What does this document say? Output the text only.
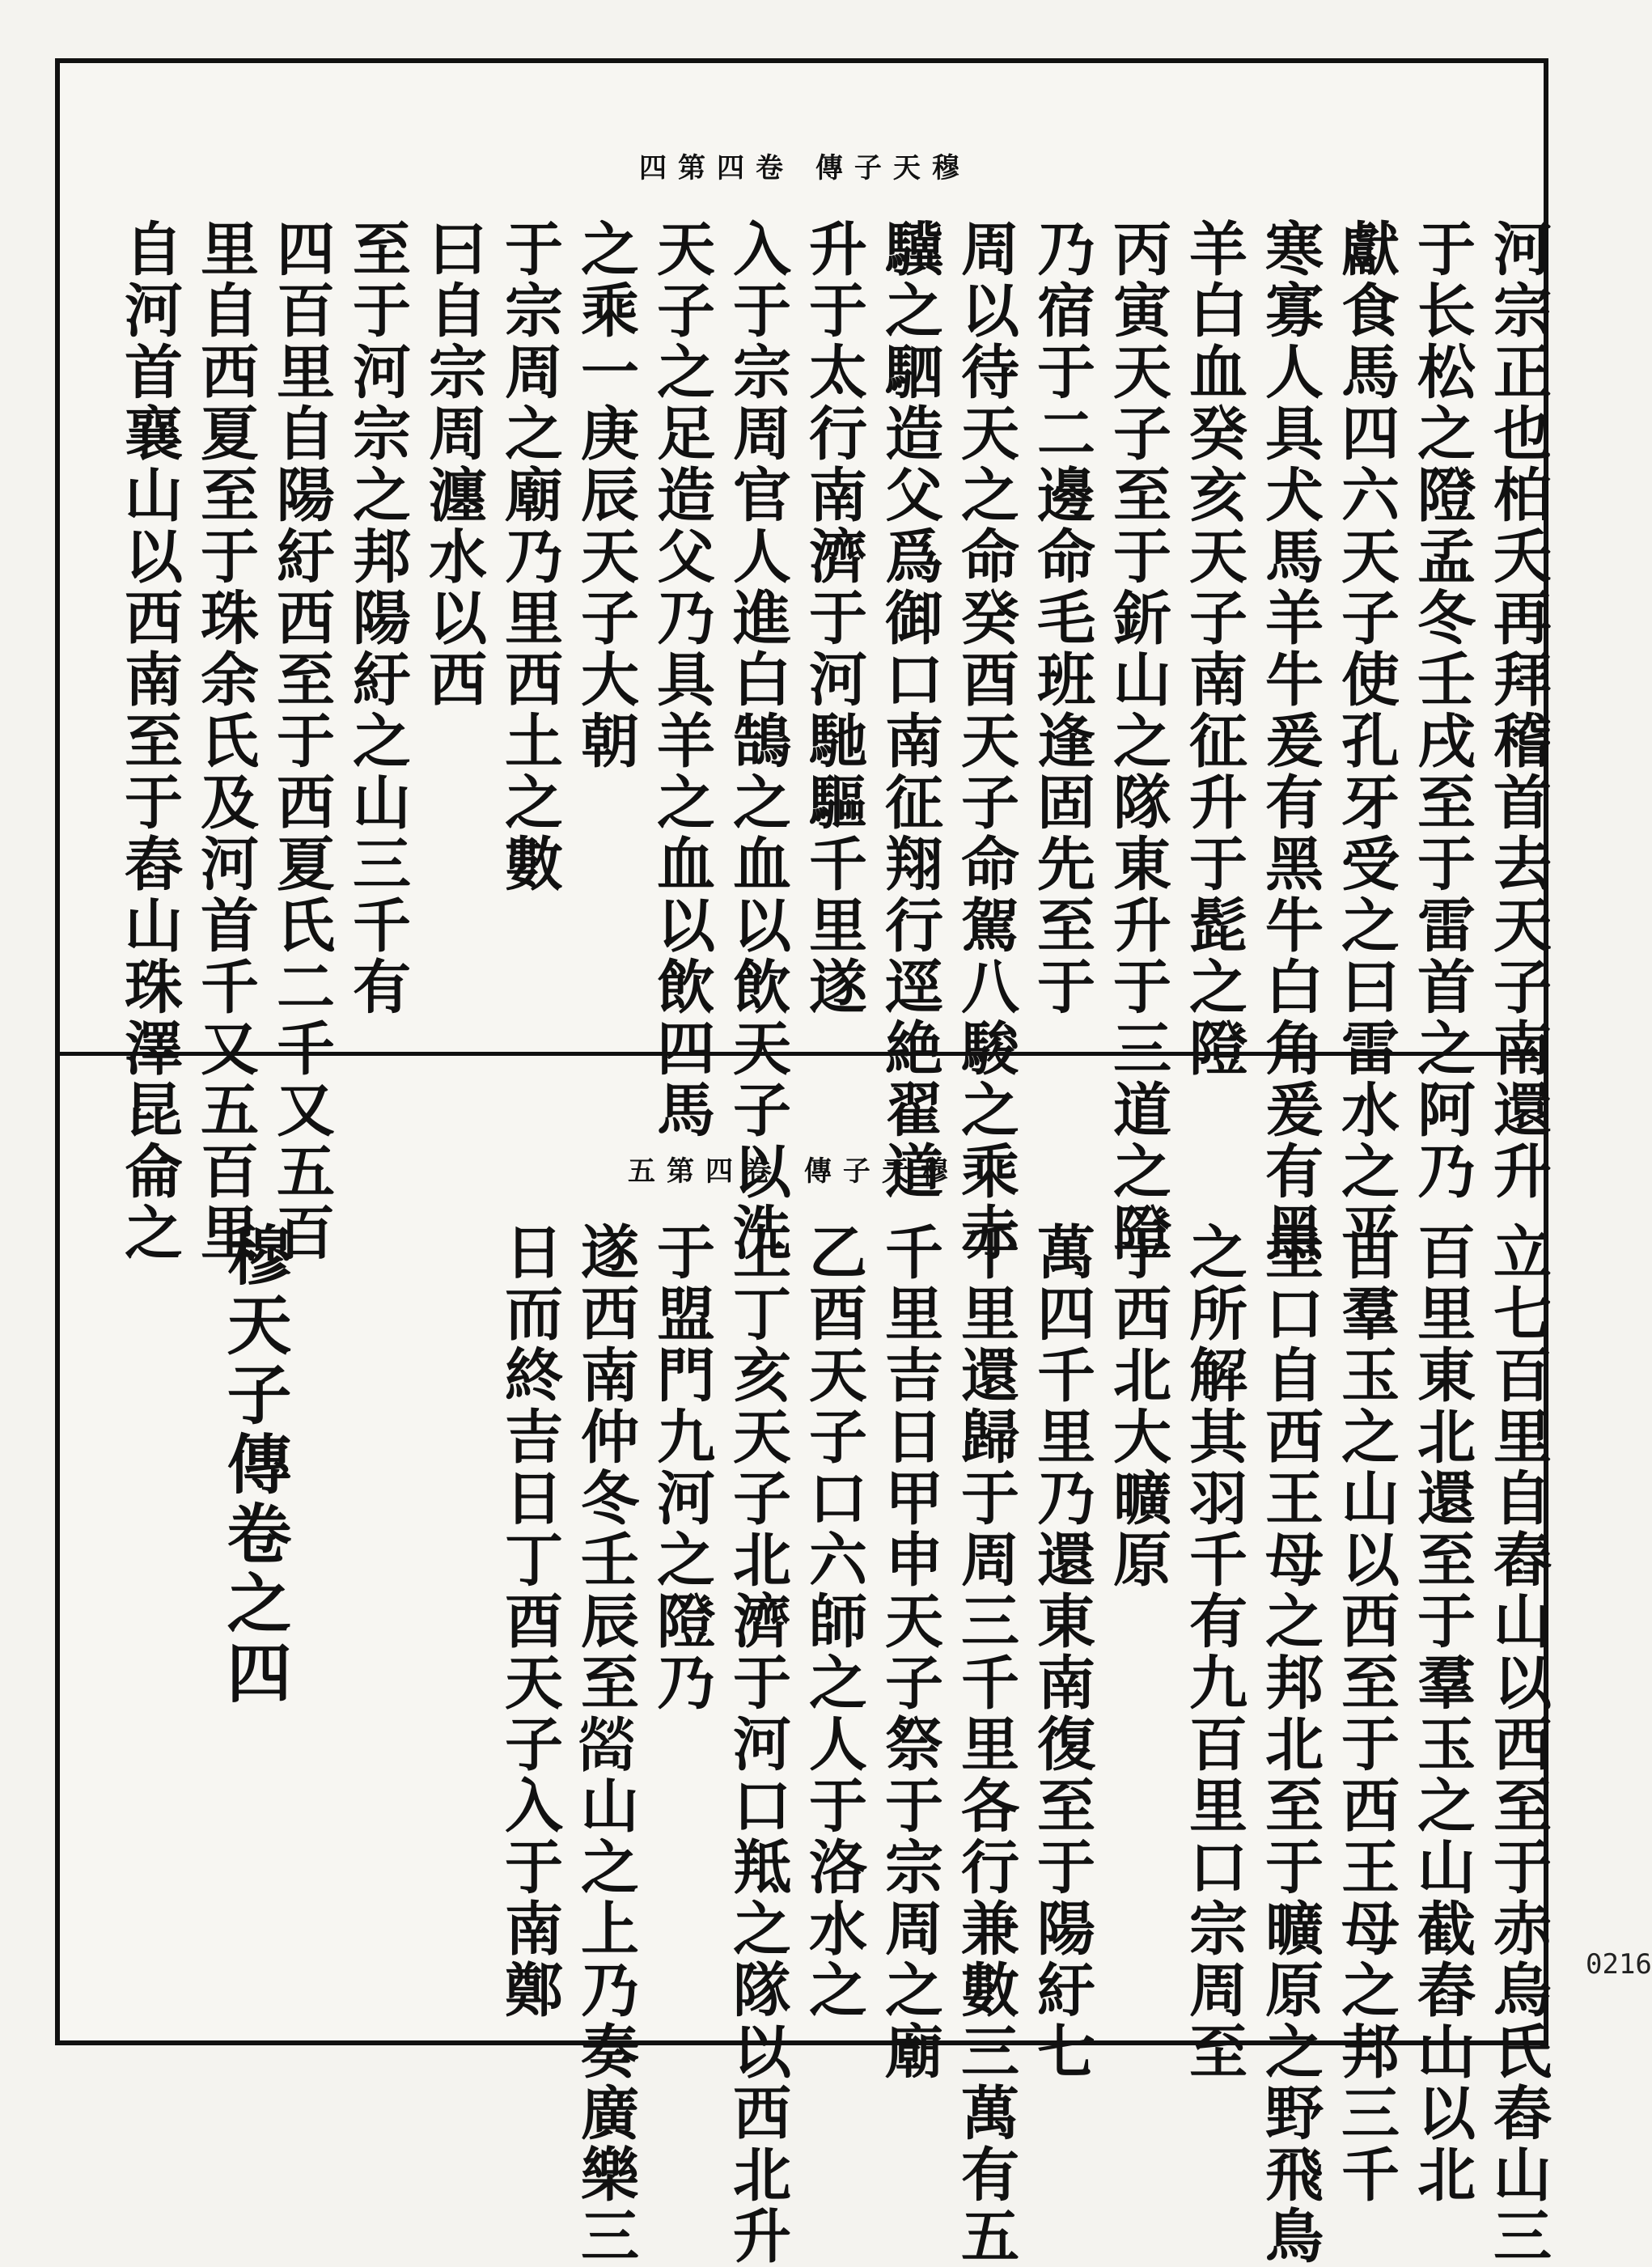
四第四卷 傳子天穆
河宗正也柏夭再拜稽首去天子南還升
于长松之隥孟冬壬戌至于雷首之阿乃
獻食馬四六天子使孔牙受之曰雷水之平
寒寡人具犬馬羊牛爰有黑牛白角爰有黑
羊白血癸亥天子南征升于髭之隥
丙寅天子至于釿山之隊東升于三道之隥
乃宿于二邊命毛班逢固先至于
周以待天之命癸酉天子命駕八駿之乘赤
驥之駟造父爲御口南征翔行逕絶翟道
升于太行南濟于河馳驅千里遂
入于宗周官人進白鵠之血以飲天子以洗
天子之足造父乃具羊之血以飲四馬
之乘一庚辰天子大朝
于宗周之廟乃里西土之數
曰自宗周瀍水以西
至于河宗之邦陽紆之山三千有
四百里自陽紆西至于西夏氏二千又五百
里自西夏至于珠余氏及河首千又五百里
自河首襄山以西南至于舂山珠澤昆侖之	五第四卷 傳子天穆
立七百里自舂山以西至于赤烏氏舂山三
百里東北還至于羣玉之山截舂山以北
自羣玉之山以西至于西王母之邦三千
里口自西王母之邦北至于曠原之野飛鳥
之所解其羽千有九百里口宗周至
于西北大曠原
萬四千里乃還東南復至于陽紆七
千里還歸于周三千里各行兼數三萬有五
千里吉日甲申天子祭于宗周之廟
乙酉天子口六師之人于洛水之
上丁亥天子北濟于河口羝之隊以西北升
于盟門九河之隥乃
遂西南仲冬壬辰至𤍀山之上乃奏廣樂三
日而終吉日丁酉天子入于南鄭
穆天子傳卷之四
0216
